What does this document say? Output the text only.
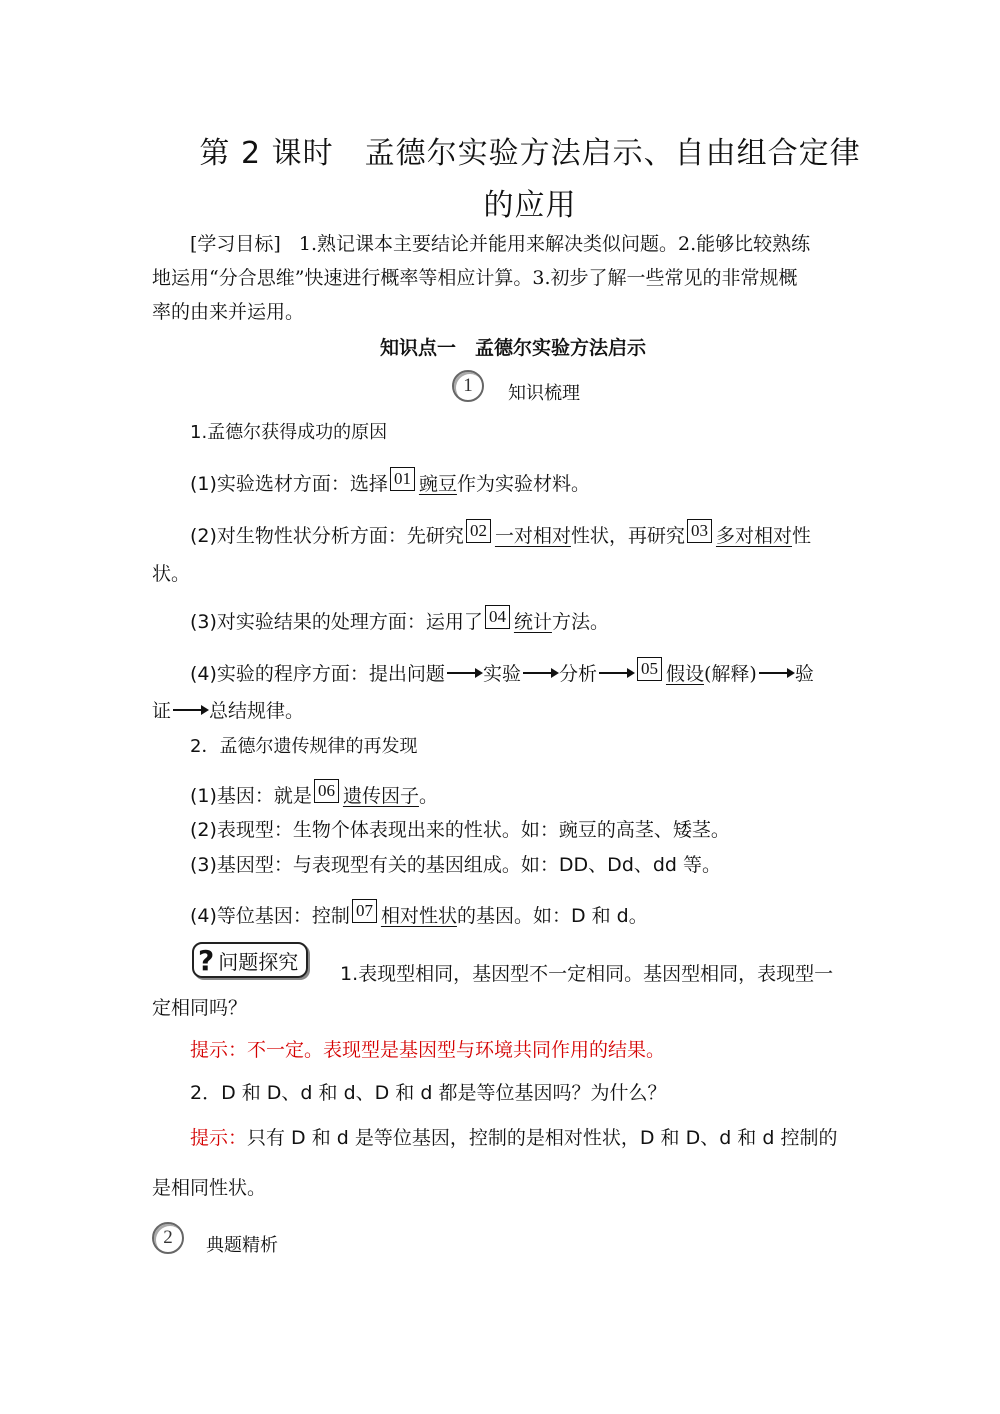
第 2 课时　孟德尔实验方法启示、自由组合定律
的应用
[学习目标] 1.熟记课本主要结论并能用来解决类似问题。2.能够比较熟练
地运用“分合思维”快速进行概率等相应计算。3.初步了解一些常见的非常规概
率的由来并运用。
知识点一　孟德尔实验方法启示
1	知识梳理
1.孟德尔获得成功的原因
(1)实验选材方面：选择 01 豌豆作为实验材料。
(2)对生物性状分析方面：先研究 02 一对相对性状，再研究 03 多对相对性
状。
(3)对实验结果的处理方面：运用了 04 统计方法。
(4)实验的程序方面：提出问题 实验 分析	05 假设(解释) 验
证 总结规律。
2．孟德尔遗传规律的再发现
(1)基因：就是 06 遗传因子。
(2)表现型：生物个体表现出来的性状。如：豌豆的高茎、矮茎。
(3)基因型：与表现型有关的基因组成。如：DD、Dd、dd 等。
(4)等位基因：控制 07 相对性状的基因。如：D 和 d。
? 问题探究
1.表现型相同，基因型不一定相同。基因型相同，表现型一
定相同吗？
提示：不一定。表现型是基因型与环境共同作用的结果。
2．D 和 D、d 和 d、D 和 d 都是等位基因吗？为什么？
提示：只有 D 和 d 是等位基因，控制的是相对性状，D 和 D、d 和 d 控制的
是相同性状。
2	典题精析
